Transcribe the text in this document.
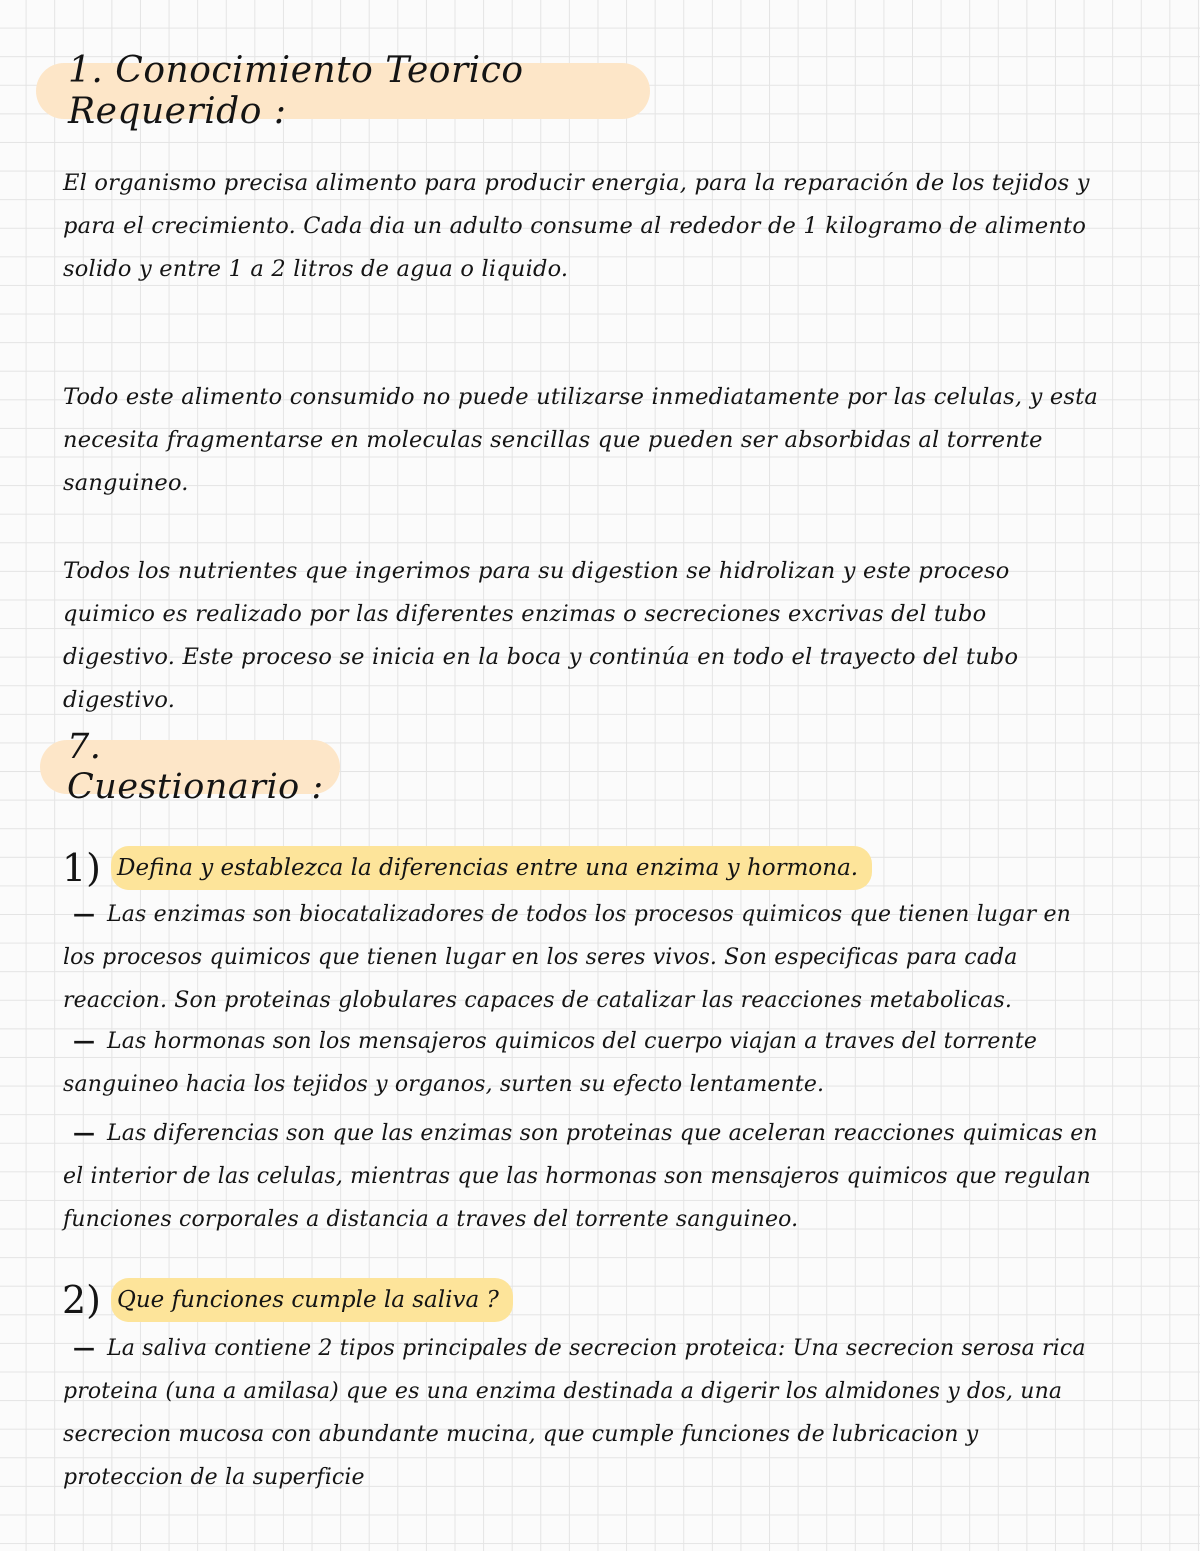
1. Conocimiento Teorico Requerido :

El organismo precisa alimento para producir energia, para la reparación de los tejidos y para el crecimiento. Cada dia un adulto consume al rededor de 1 kilogramo de alimento solido y entre 1 a 2 litros de agua o liquido.

Todo este alimento consumido no puede utilizarse inmediatamente por las celulas, y esta necesita fragmentarse en moleculas sencillas que pueden ser absorbidas al torrente sanguineo.

Todos los nutrientes que ingerimos para su digestion se hidrolizan y este proceso quimico es realizado por las diferentes enzimas o secreciones excrivas del tubo digestivo. Este proceso se inicia en la boca y continúa en todo el trayecto del tubo digestivo.

7. Cuestionario :
1) Defina y establezca la diferencias entre una enzima y hormona.

— Las enzimas son biocatalizadores de todos los procesos quimicos que tienen lugar en los procesos quimicos que tienen lugar en los seres vivos. Son especificas para cada reaccion. Son proteinas globulares capaces de catalizar las reacciones metabolicas.

— Las hormonas son los mensajeros quimicos del cuerpo viajan a traves del torrente sanguineo hacia los tejidos y organos, surten su efecto lentamente.

— Las diferencias son que las enzimas son proteinas que aceleran reacciones quimicas en el interior de las celulas, mientras que las hormonas son mensajeros quimicos que regulan funciones corporales a distancia a traves del torrente sanguineo.

2) Que funciones cumple la saliva ?

— La saliva contiene 2 tipos principales de secrecion proteica: Una secrecion serosa rica proteina (una a amilasa) que es una enzima destinada a digerir los almidones y dos, una secrecion mucosa con abundante mucina, que cumple funciones de lubricacion y proteccion de la superficie
